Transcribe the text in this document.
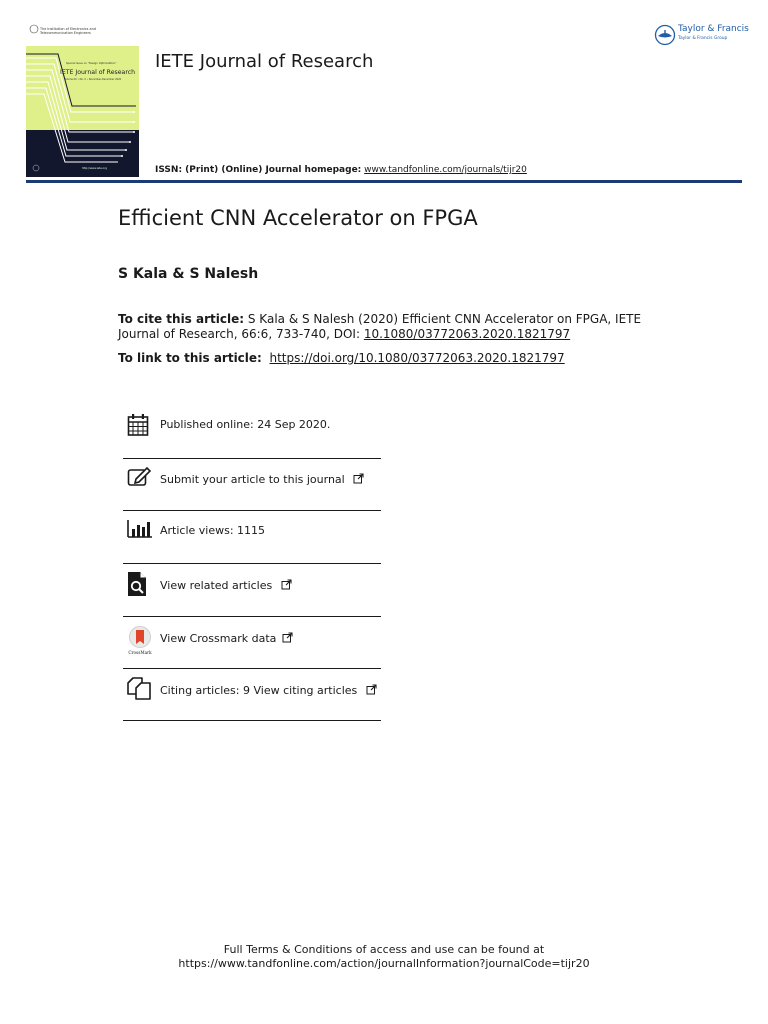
The Institution of Electronics and Telecommunication Engineers
Special Issue on "Design Optimization"
IETE Journal of Research
Volume 00 • No. 0 • November-December 2020
http://www.iete.org
IETE Journal of Research
ISSN: (Print) (Online) Journal homepage: www.tandfonline.com/journals/tijr20
Taylor & Francis
Taylor & Francis Group
Efficient CNN Accelerator on FPGA
S Kala & S Nalesh
To cite this article: S Kala & S Nalesh (2020) Efficient CNN Accelerator on FPGA, IETE Journal of Research, 66:6, 733-740, DOI: 10.1080/03772063.2020.1821797
To link to this article: https://doi.org/10.1080/03772063.2020.1821797
Published online: 24 Sep 2020.
Submit your article to this journal
Article views: 1115
View related articles
CrossMark
View Crossmark data
Citing articles: 9 View citing articles
Full Terms & Conditions of access and use can be found at
https://www.tandfonline.com/action/journalInformation?journalCode=tijr20
